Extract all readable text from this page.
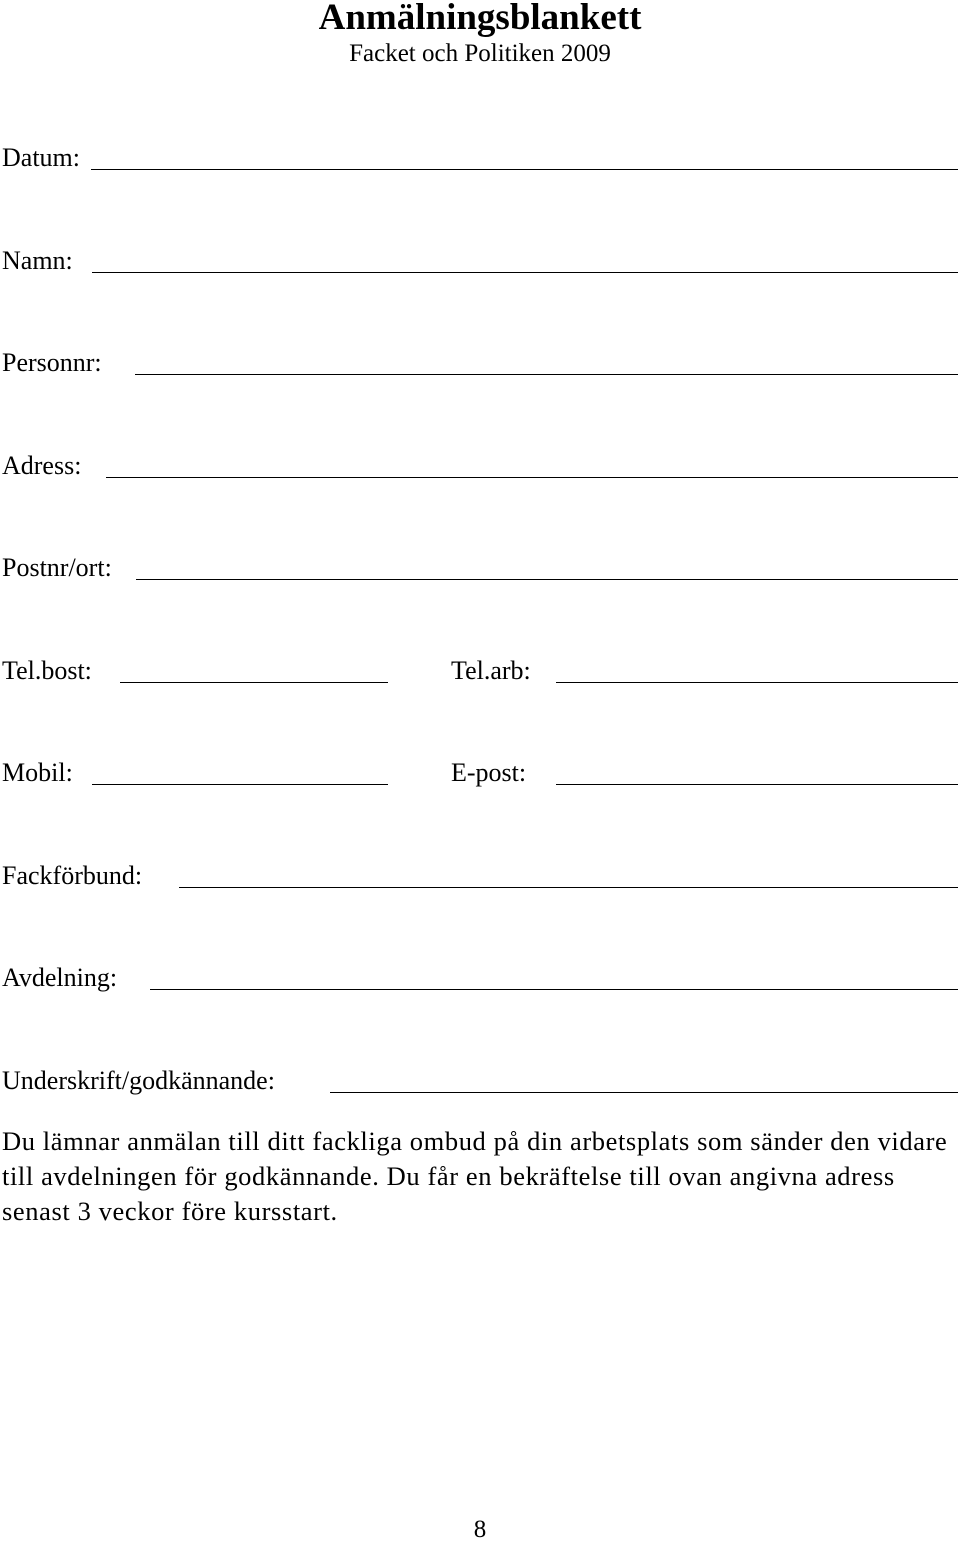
Anmälningsblankett
Facket och Politiken 2009
Datum:
Namn:
Personnr:
Adress:
Postnr/ort:
Tel.bost:	Tel.arb:
Mobil:	E-post:
Fackförbund:
Avdelning:
Underskrift/godkännande:

Du lämnar anmälan till ditt fackliga ombud på din arbetsplats som sänder den vidare till avdelningen för godkännande. Du får en bekräftelse till ovan angivna adress senast 3 veckor före kursstart.

8
